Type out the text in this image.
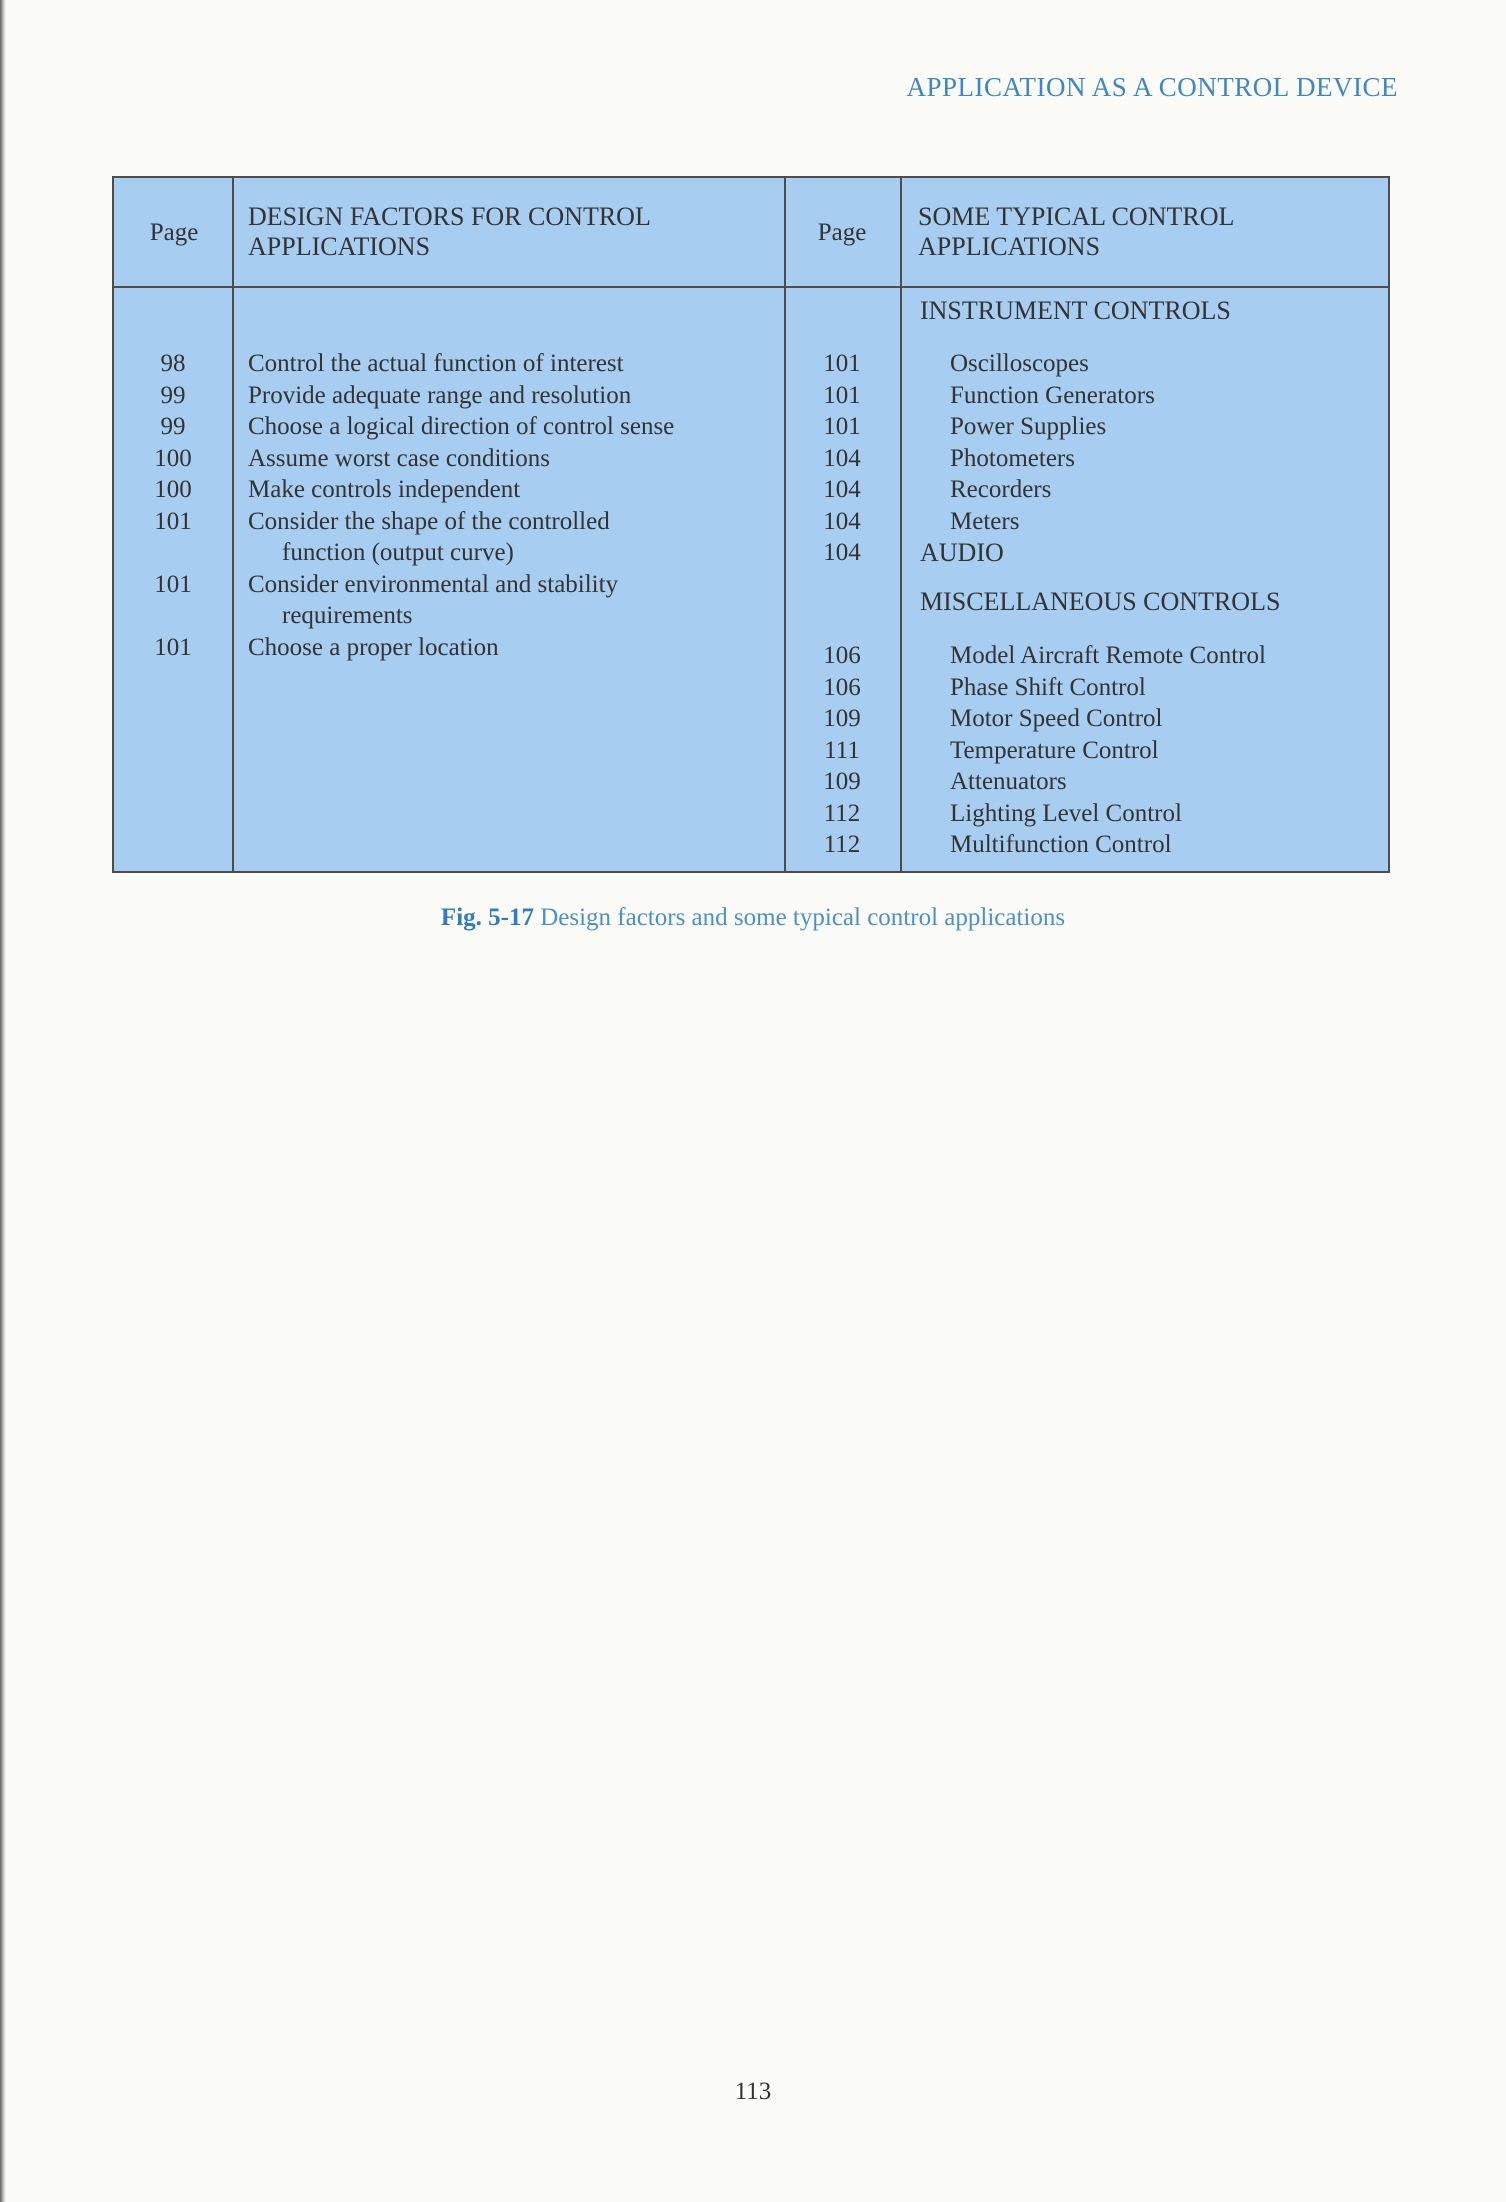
APPLICATION AS A CONTROL DEVICE
Page
DESIGN FACTORS FOR CONTROL
APPLICATIONS	Page
SOME TYPICAL CONTROL
APPLICATIONS
98
99
99
100
100
101

101

101
Control the actual function of interest
Provide adequate range and resolution
Choose a logical direction of control sense
Assume worst case conditions
Make controls independent
Consider the shape of the controlled
function (output curve)
Consider environmental and stability
requirements
Choose a proper location
INSTRUMENT CONTROLS
101
101
101
104
104
104
104
Oscilloscopes
Function Generators
Power Supplies
Photometers
Recorders
Meters
AUDIO
MISCELLANEOUS CONTROLS
106
106
109
111
109
112
112
Model Aircraft Remote Control
Phase Shift Control
Motor Speed Control
Temperature Control
Attenuators
Lighting Level Control
Multifunction Control
Fig. 5-17 Design factors and some typical control applications
113
